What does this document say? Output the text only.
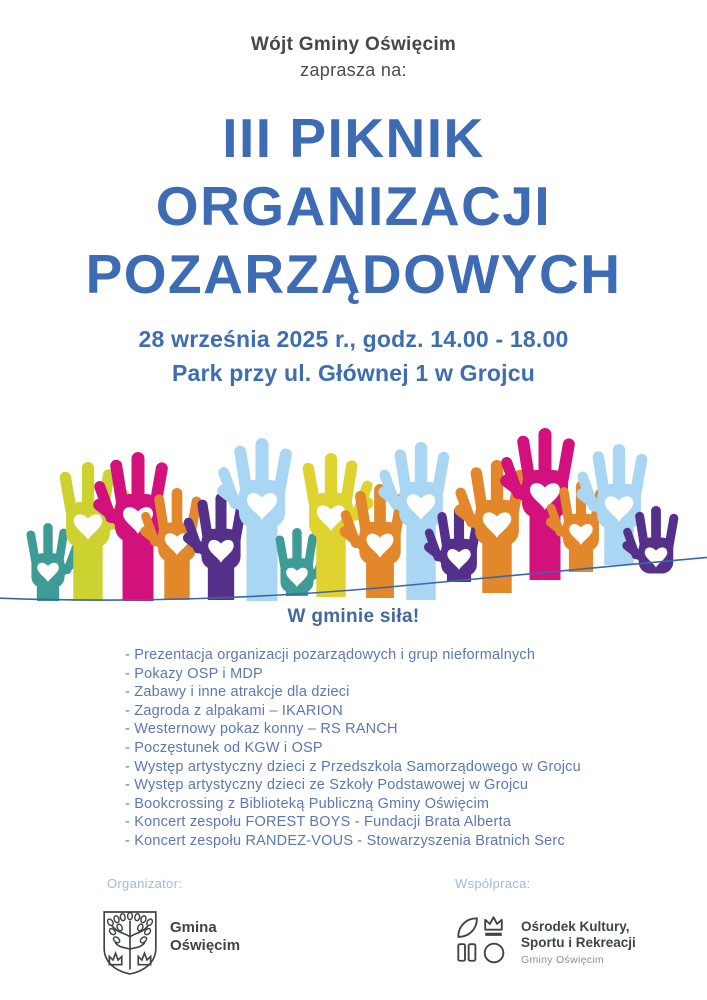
Wójt Gminy Oświęcim
zaprasza na:
III PIKNIK
ORGANIZACJI
POZARZĄDOWYCH
28 września 2025 r., godz. 14.00 - 18.00
Park przy ul. Głównej 1 w Grojcu
W gminie siła!
- Prezentacja organizacji pozarządowych i grup nieformalnych
- Pokazy OSP i MDP
- Zabawy i inne atrakcje dla dzieci
- Zagroda z alpakami – IKARION
- Westernowy pokaz konny – RS RANCH
- Poczęstunek od KGW i OSP
- Występ artystyczny dzieci z Przedszkola Samorządowego w Grojcu
- Występ artystyczny dzieci ze Szkoły Podstawowej w Grojcu
- Bookcrossing z Biblioteką Publiczną Gminy Oświęcim
- Koncert zespołu FOREST BOYS - Fundacji Brata Alberta
- Koncert zespołu RANDEZ-VOUS - Stowarzyszenia Bratnich Serc
Organizator:	Współpraca:
Gmina
Oświęcim
Ośrodek Kultury,
Sportu i Rekreacji
Gminy Oświęcim
